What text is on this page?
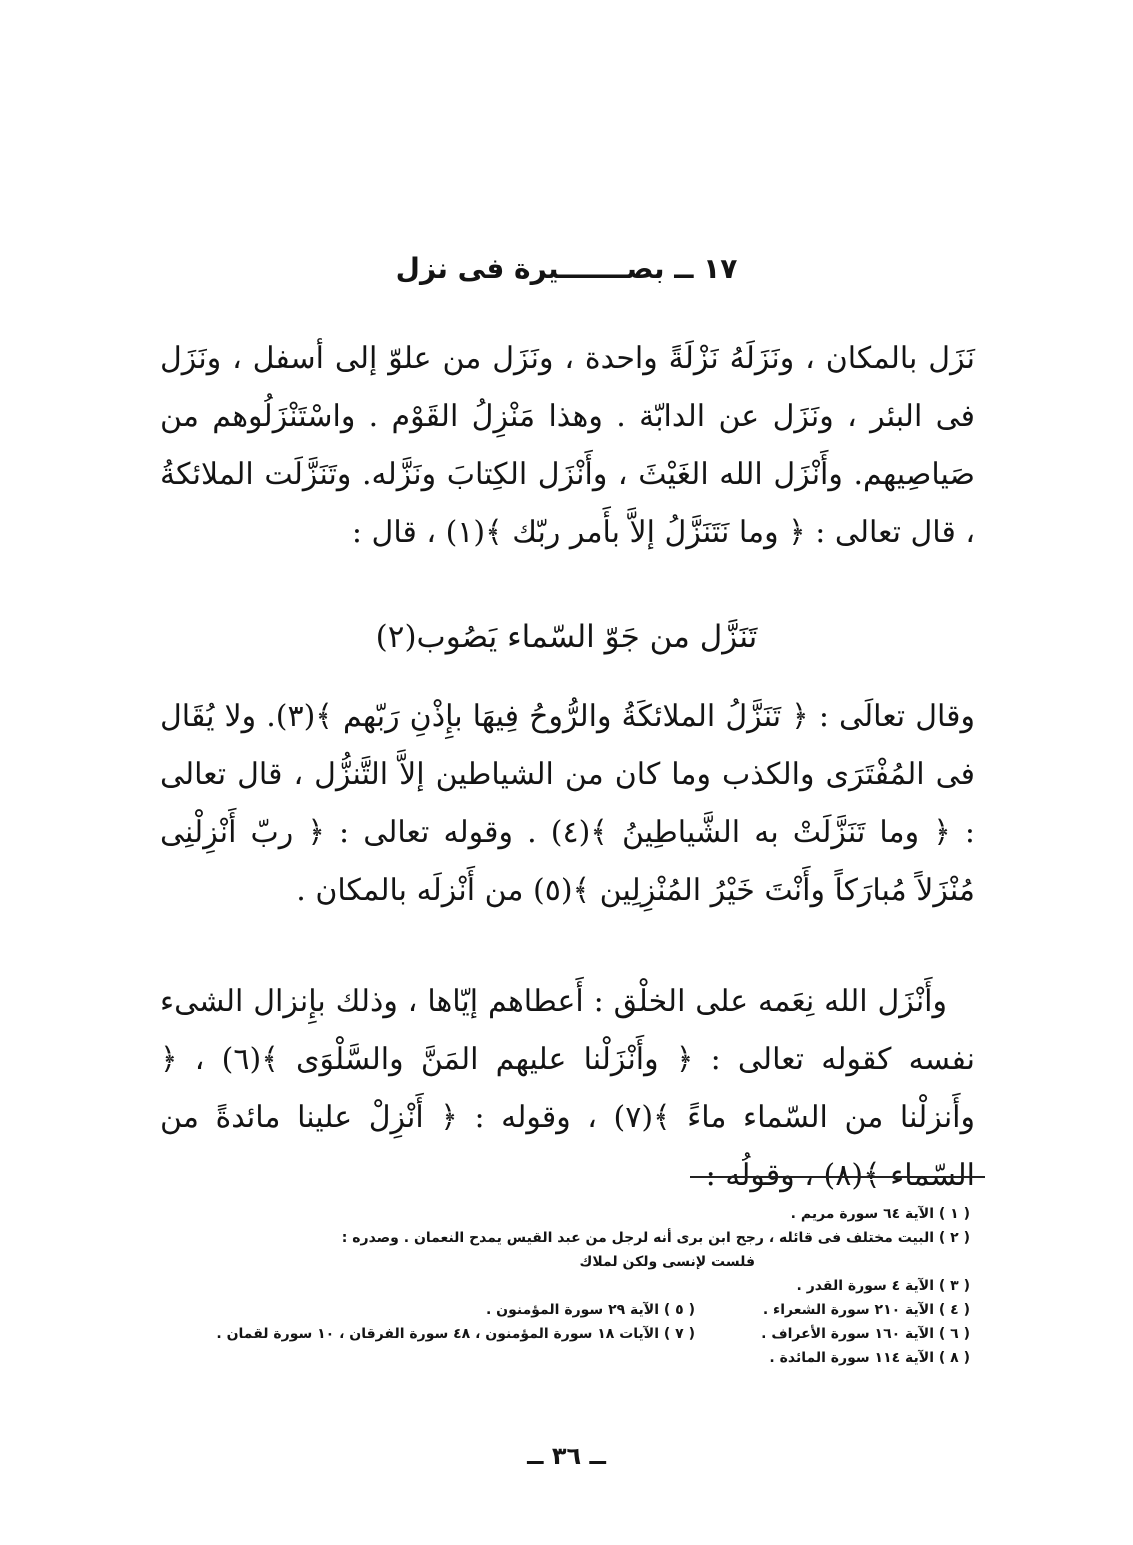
١٧ ــ بصـــــــيرة فى نزل
نَزَل بالمكان ، ونَزَلَهُ نَزْلَةً واحدة ، ونَزَل من علوّ إلى أسفل ، ونَزَل فى البئر ، ونَزَل عن الدابّة . وهذا مَنْزِلُ القَوْم . واسْتَنْزَلُوهم من صَياصِيهم. وأَنْزَل الله الغَيْثَ ، وأَنْزَل الكِتابَ ونَزَّله. وتَنَزَّلَت الملائكةُ ، قال تعالى : ﴿ وما نَتَنَزَّلُ إلاَّ بأَمر ربّك ﴾(١) ، قال :
تَنَزَّل من جَوّ السّماء يَصُوب(٢)
وقال تعالَى : ﴿ تَنَزَّلُ الملائكَةُ والرُّوحُ فِيهَا بإِذْنِ رَبّهم ﴾(٣). ولا يُقَال فى المُفْتَرَى والكذب وما كان من الشياطين إلاَّ التَّنزُّل ، قال تعالى : ﴿ وما تَنَزَّلَتْ به الشَّياطِينُ ﴾(٤) . وقوله تعالى : ﴿ ربّ أَنْزِلْنِى مُنْزَلاً مُبارَكاً وأَنْتَ خَيْرُ المُنْزِلِين ﴾(٥) من أَنْزلَه بالمكان .
وأَنْزَل الله نِعَمه على الخلْق : أَعطاهم إيّاها ، وذلك بإِنزال الشىء نفسه كقوله تعالى : ﴿ وأَنْزَلْنا عليهم المَنَّ والسَّلْوَى ﴾(٦) ، ﴿ وأَنزلْنا من السّماء ماءً ﴾(٧) ، وقوله : ﴿ أَنْزِلْ علينا مائدةً من السّماء ﴾(٨) ، وقولُه :
( ١ ) الآية ٦٤ سورة مريم .
( ٢ ) البيت مختلف فى قائله ، رجح ابن برى أنه لرجل من عبد القيس يمدح النعمان . وصدره :
فلست لإنسى ولكن لملاك
( ٣ ) الآية ٤ سورة القدر .
( ٤ ) الآية ٢١٠ سورة الشعراء .
( ٥ ) الآية ٢٩ سورة المؤمنون .
( ٦ ) الآية ١٦٠ سورة الأعراف .
( ٧ ) الآيات ١٨ سورة المؤمنون ، ٤٨ سورة الفرقان ، ١٠ سورة لقمان .
( ٨ ) الآية ١١٤ سورة المائدة .
ــ ٣٦ ــ
